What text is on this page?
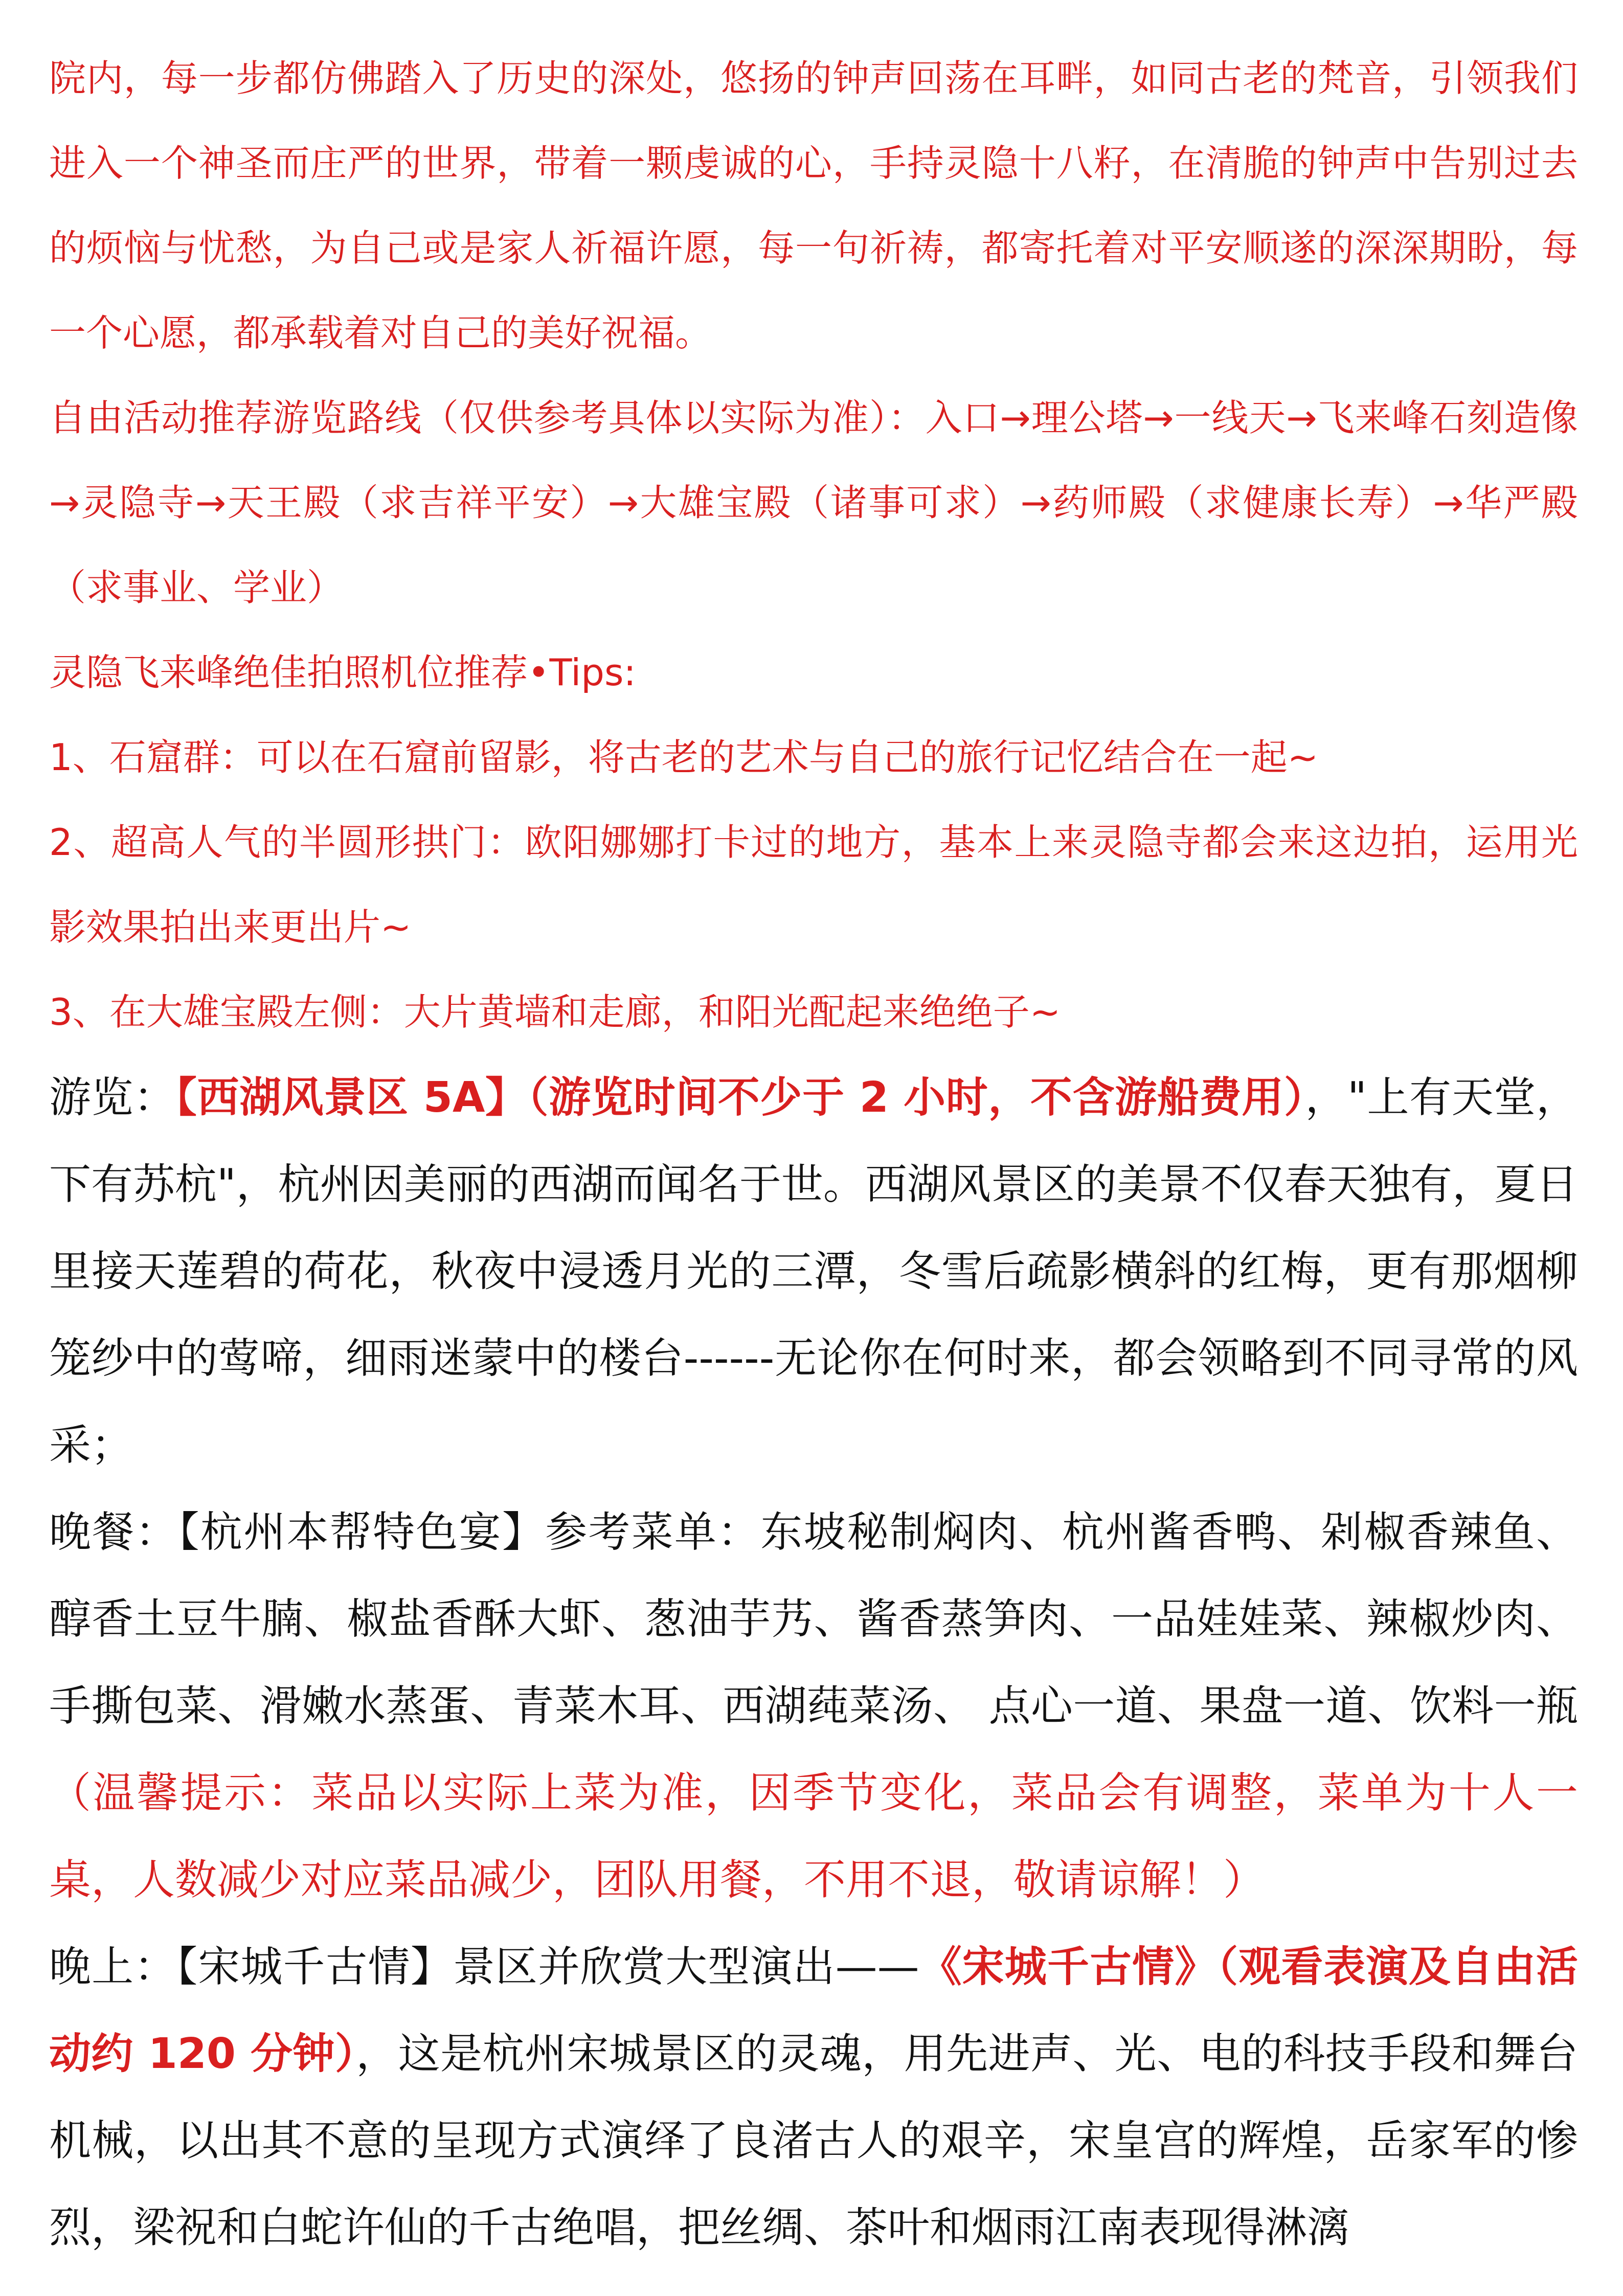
院内，每一步都仿佛踏入了历史的深处，悠扬的钟声回荡在耳畔，如同古老的梵音，引领我们进入一个神圣而庄严的世界，带着一颗虔诚的心，手持灵隐十八籽，在清脆的钟声中告别过去的烦恼与忧愁，为自己或是家人祈福许愿，每一句祈祷，都寄托着对平安顺遂的深深期盼，每一个心愿，都承载着对自己的美好祝福。

自由活动推荐游览路线（仅供参考具体以实际为准）：入口→理公塔→一线天→飞来峰石刻造像→灵隐寺→天王殿（求吉祥平安）→大雄宝殿（诸事可求）→药师殿（求健康长寿）→华严殿（求事业、学业）

灵隐飞来峰绝佳拍照机位推荐•Tips:

1、石窟群：可以在石窟前留影，将古老的艺术与自己的旅行记忆结合在一起~

2、超高人气的半圆形拱门：欧阳娜娜打卡过的地方，基本上来灵隐寺都会来这边拍，运用光影效果拍出来更出片~

3、在大雄宝殿左侧：大片黄墙和走廊，和阳光配起来绝绝子~

游览：【西湖风景区 5A】（游览时间不少于 2 小时，不含游船费用），"上有天堂，下有苏杭"，杭州因美丽的西湖而闻名于世。西湖风景区的美景不仅春天独有，夏日里接天莲碧的荷花，秋夜中浸透月光的三潭，冬雪后疏影横斜的红梅，更有那烟柳笼纱中的莺啼，细雨迷蒙中的楼台------无论你在何时来，都会领略到不同寻常的风采；

晚餐：【杭州本帮特色宴】参考菜单：东坡秘制焖肉、杭州酱香鸭、剁椒香辣鱼、醇香土豆牛腩、椒盐香酥大虾、葱油芋艿、酱香蒸笋肉、一品娃娃菜、辣椒炒肉、手撕包菜、滑嫩水蒸蛋、青菜木耳、西湖莼菜汤、 点心一道、果盘一道、饮料一瓶（温馨提示：菜品以实际上菜为准，因季节变化，菜品会有调整，菜单为十人一桌，人数减少对应菜品减少，团队用餐，不用不退，敬请谅解！）

晚上：【宋城千古情】景区并欣赏大型演出——《宋城千古情》（观看表演及自由活动约 120 分钟），这是杭州宋城景区的灵魂，用先进声、光、电的科技手段和舞台机械，以出其不意的呈现方式演绎了良渚古人的艰辛，宋皇宫的辉煌，岳家军的惨烈，梁祝和白蛇许仙的千古绝唱，把丝绸、茶叶和烟雨江南表现得淋漓
